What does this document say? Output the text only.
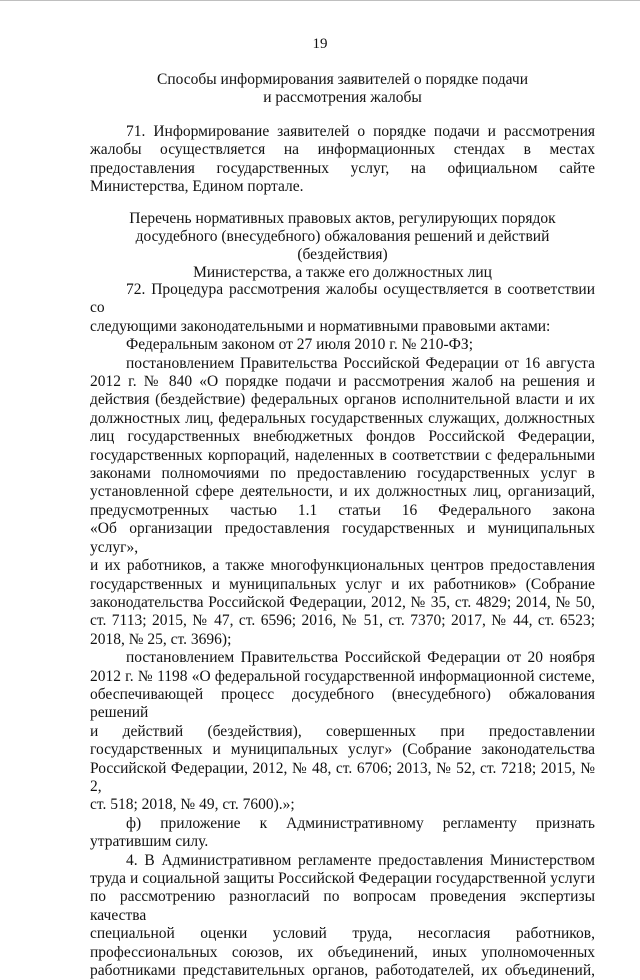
19
Способы информирования заявителей о порядке подачи
и рассмотрения жалобы
71. Информирование заявителей о порядке подачи и рассмотрения
жалобы осуществляется на информационных стендах в местах
предоставления государственных услуг, на официальном сайте
Министерства, Едином портале.
Перечень нормативных правовых актов, регулирующих порядок
досудебного (внесудебного) обжалования решений и действий (бездействия)
Министерства, а также его должностных лиц
72. Процедура рассмотрения жалобы осуществляется в соответствии со
следующими законодательными и нормативными правовыми актами:
Федеральным законом от 27 июля 2010 г. № 210-ФЗ;
постановлением Правительства Российской Федерации от 16 августа
2012 г. № 840 «О порядке подачи и рассмотрения жалоб на решения и
действия (бездействие) федеральных органов исполнительной власти и их
должностных лиц, федеральных государственных служащих, должностных
лиц государственных внебюджетных фондов Российской Федерации,
государственных корпораций, наделенных в соответствии с федеральными
законами полномочиями по предоставлению государственных услуг в
установленной сфере деятельности, и их должностных лиц, организаций,
предусмотренных частью 1.1 статьи 16 Федерального закона
«Об организации предоставления государственных и муниципальных услуг»,
и их работников, а также многофункциональных центров предоставления
государственных и муниципальных услуг и их работников» (Собрание
законодательства Российской Федерации, 2012, № 35, ст. 4829; 2014, № 50,
ст. 7113; 2015, № 47, ст. 6596; 2016, № 51, ст. 7370; 2017, № 44, ст. 6523;
2018, № 25, ст. 3696);
постановлением Правительства Российской Федерации от 20 ноября
2012 г. № 1198 «О федеральной государственной информационной системе,
обеспечивающей процесс досудебного (внесудебного) обжалования решений
и действий (бездействия), совершенных при предоставлении
государственных и муниципальных услуг» (Собрание законодательства
Российской Федерации, 2012, № 48, ст. 6706; 2013, № 52, ст. 7218; 2015, № 2,
ст. 518; 2018, № 49, ст. 7600).»;
ф) приложение к Административному регламенту признать
утратившим силу.
4. В Административном регламенте предоставления Министерством
труда и социальной защиты Российской Федерации государственной услуги
по рассмотрению разногласий по вопросам проведения экспертизы качества
специальной оценки условий труда, несогласия работников,
профессиональных союзов, их объединений, иных уполномоченных
работниками представительных органов, работодателей, их объединений,
